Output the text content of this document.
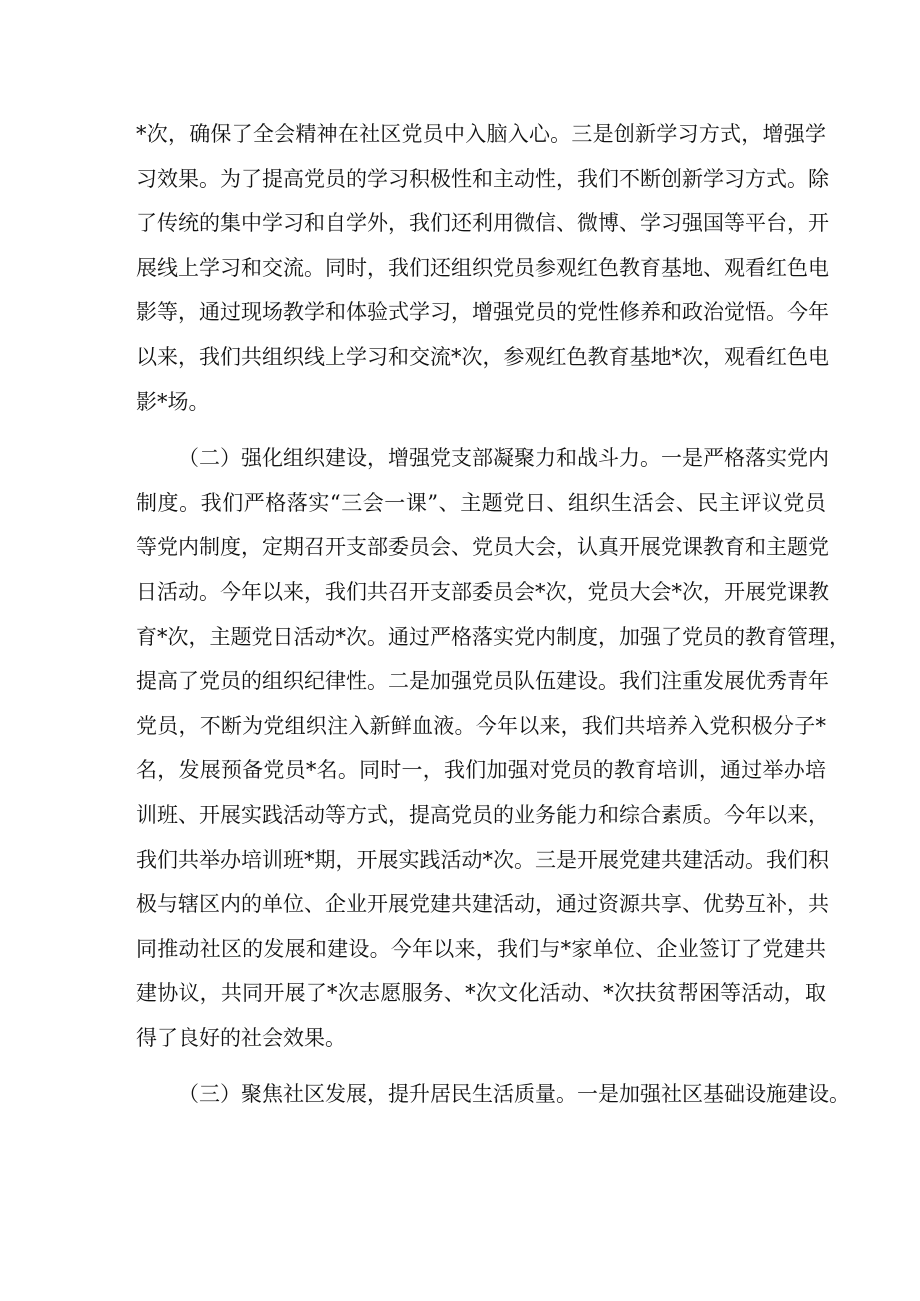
*次，确保了全会精神在社区党员中入脑入心。三是创新学习方式，增强学
习效果。为了提高党员的学习积极性和主动性，我们不断创新学习方式。除
了传统的集中学习和自学外，我们还利用微信、微博、学习强国等平台，开
展线上学习和交流。同时，我们还组织党员参观红色教育基地、观看红色电
影等，通过现场教学和体验式学习，增强党员的党性修养和政治觉悟。今年
以来，我们共组织线上学习和交流*次，参观红色教育基地*次，观看红色电
影*场。
（二）强化组织建设，增强党支部凝聚力和战斗力。一是严格落实党内
制度。我们严格落实“三会一课”、主题党日、组织生活会、民主评议党员
等党内制度，定期召开支部委员会、党员大会，认真开展党课教育和主题党
日活动。今年以来，我们共召开支部委员会*次，党员大会*次，开展党课教
育*次，主题党日活动*次。通过严格落实党内制度，加强了党员的教育管理，
提高了党员的组织纪律性。二是加强党员队伍建设。我们注重发展优秀青年
党员，不断为党组织注入新鲜血液。今年以来，我们共培养入党积极分子*
名，发展预备党员*名。同时一，我们加强对党员的教育培训，通过举办培
训班、开展实践活动等方式，提高党员的业务能力和综合素质。今年以来，
我们共举办培训班*期，开展实践活动*次。三是开展党建共建活动。我们积
极与辖区内的单位、企业开展党建共建活动，通过资源共享、优势互补，共
同推动社区的发展和建设。今年以来，我们与*家单位、企业签订了党建共
建协议，共同开展了*次志愿服务、*次文化活动、*次扶贫帮困等活动，取
得了良好的社会效果。
（三）聚焦社区发展，提升居民生活质量。一是加强社区基础设施建设。
